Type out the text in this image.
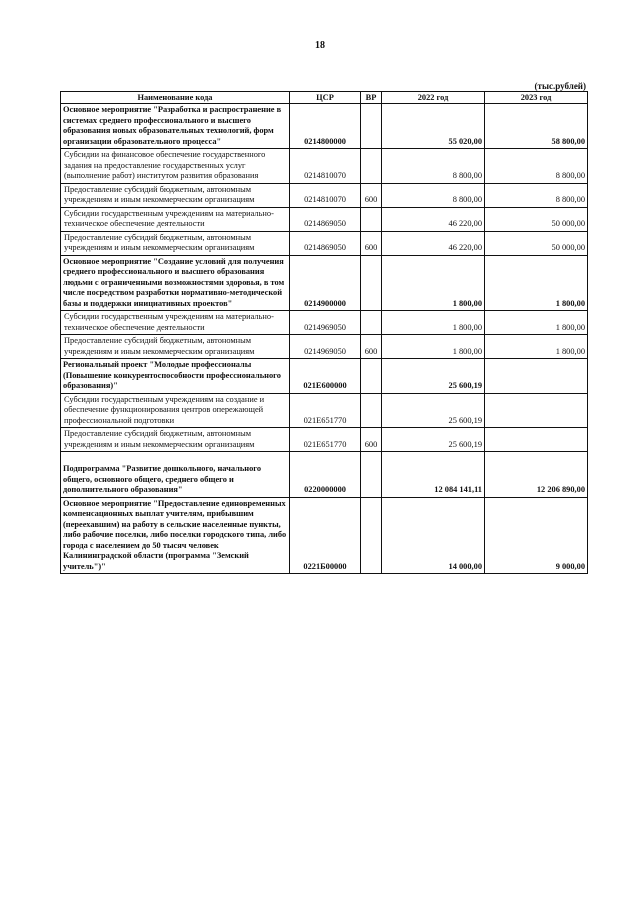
18
(тыс.рублей)
Наименование кода	ЦСР	ВР	2022 год	2023 год
Основное мероприятие "Разработка и распространение в системах среднего профессионального и высшего образования новых образовательных технологий, форм организации образовательного процесса"	0214800000		55 020,00	58 800,00
Субсидии на финансовое обеспечение государственного задания на предоставление государственных услуг (выполнение работ) институтом развития образования	0214810070		8 800,00	8 800,00
Предоставление субсидий бюджетным, автономным учреждениям и иным некоммерческим организациям	0214810070	600	8 800,00	8 800,00
Субсидии государственным учреждениям на материально-техническое обеспечение деятельности	0214869050		46 220,00	50 000,00
Предоставление субсидий бюджетным, автономным учреждениям и иным некоммерческим организациям	0214869050	600	46 220,00	50 000,00
Основное мероприятие "Создание условий для получения среднего профессионального и высшего образования людьми с ограниченными возможностями здоровья, в том числе посредством разработки нормативно-методической базы и поддержки инициативных проектов"	0214900000		1 800,00	1 800,00
Субсидии государственным учреждениям на материально-техническое обеспечение деятельности	0214969050		1 800,00	1 800,00
Предоставление субсидий бюджетным, автономным учреждениям и иным некоммерческим организациям	0214969050	600	1 800,00	1 800,00
Региональный проект "Молодые профессионалы (Повышение конкурентоспособности профессионального образования)"	021Е600000		25 600,19	
Субсидии государственным учреждениям на создание и обеспечение функционирования центров опережающей профессиональной подготовки	021Е651770		25 600,19	
Предоставление субсидий бюджетным, автономным учреждениям и иным некоммерческим организациям	021Е651770	600	25 600,19	
Подпрограмма "Развитие дошкольного, начального общего, основного общего, среднего общего и дополнительного образования"	0220000000		12 084 141,11	12 206 890,00
Основное мероприятие "Предоставление единовременных компенсационных выплат учителям, прибывшим (переехавшим) на работу в сельские населенные пункты, либо рабочие поселки, либо поселки городского типа, либо города с населением до 50 тысяч человек Калининградской области (программа "Земский учитель")"	0221Б00000		14 000,00	9 000,00
